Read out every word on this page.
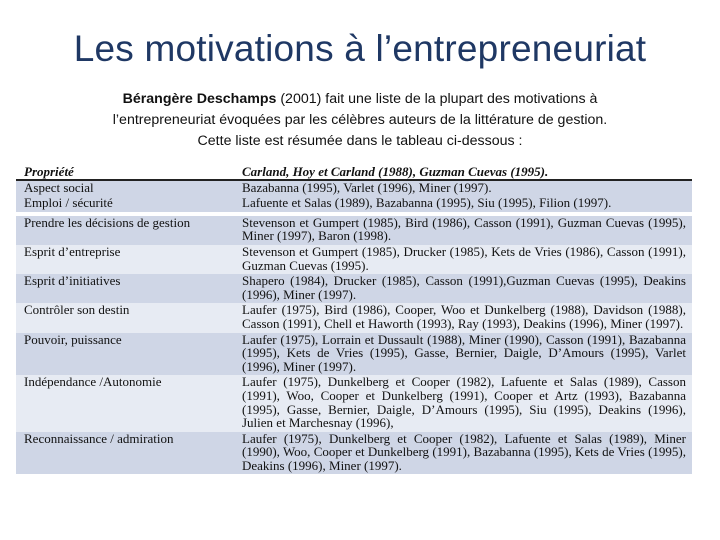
Les motivations à l’entrepreneuriat
Bérangère Deschamps (2001) fait une liste de la plupart des motivations à
l’entrepreneuriat évoquées par les célèbres auteurs de la littérature de gestion.
Cette liste est résumée dans le tableau ci-dessous :
Propriété	Carland, Hoy et Carland (1988), Guzman Cuevas (1995).
Aspect social	Bazabanna (1995), Varlet (1996), Miner (1997).
Emploi / sécurité	Lafuente et Salas (1989), Bazabanna (1995), Siu (1995), Filion (1997).
Prendre les décisions de gestion	Stevenson et Gumpert (1985), Bird (1986), Casson (1991), Guzman Cuevas (1995), Miner (1997), Baron (1998).
Esprit d’entreprise	Stevenson et Gumpert (1985), Drucker (1985), Kets de Vries (1986), Casson (1991), Guzman Cuevas (1995).
Esprit d’initiatives	Shapero (1984), Drucker (1985), Casson (1991),Guzman Cuevas (1995), Deakins (1996), Miner (1997).
Contrôler son destin	Laufer (1975), Bird (1986), Cooper, Woo et Dunkelberg (1988), Davidson (1988), Casson (1991), Chell et Haworth (1993), Ray (1993), Deakins (1996), Miner (1997).
Pouvoir, puissance	Laufer (1975), Lorrain et Dussault (1988), Miner (1990), Casson (1991), Bazabanna (1995), Kets de Vries (1995), Gasse, Bernier, Daigle, D’Amours (1995), Varlet (1996), Miner (1997).
Indépendance /Autonomie	Laufer (1975), Dunkelberg et Cooper (1982), Lafuente et Salas (1989), Casson (1991), Woo, Cooper et Dunkelberg (1991), Cooper et Artz (1993), Bazabanna (1995), Gasse, Bernier, Daigle, D’Amours (1995), Siu (1995), Deakins (1996), Julien et Marchesnay (1996),
Reconnaissance / admiration	Laufer (1975), Dunkelberg et Cooper (1982), Lafuente et Salas (1989), Miner (1990), Woo, Cooper et Dunkelberg (1991), Bazabanna (1995), Kets de Vries (1995), Deakins (1996), Miner (1997).
